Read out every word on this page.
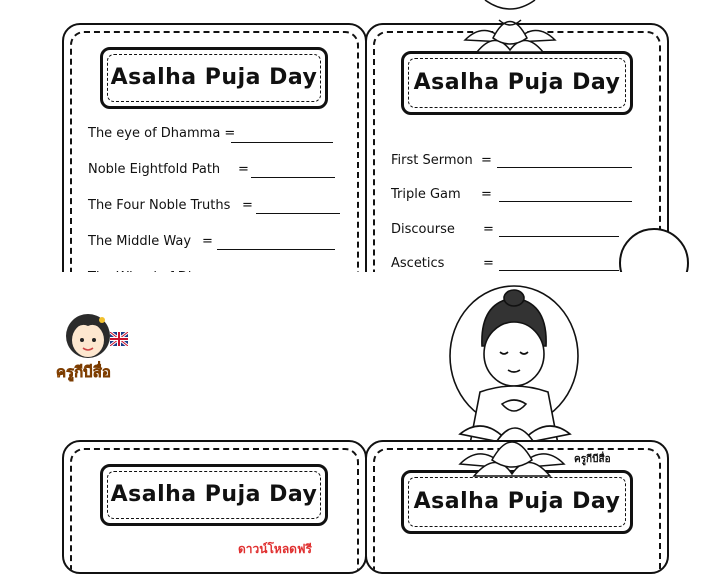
Asalha Puja Day
The eye of Dhamma =
Noble Eightfold Path =
The Four Noble Truths =
The Middle Way =
Asalha Puja Day
First Sermon =
Triple Gam =
Discourse =
Ascetics	=
ครูกีบีสื่อ
Asalha Puja Day
ดาวน์โหลดฟรี
Asalha Puja Day
ครูกีบีสื่อ
